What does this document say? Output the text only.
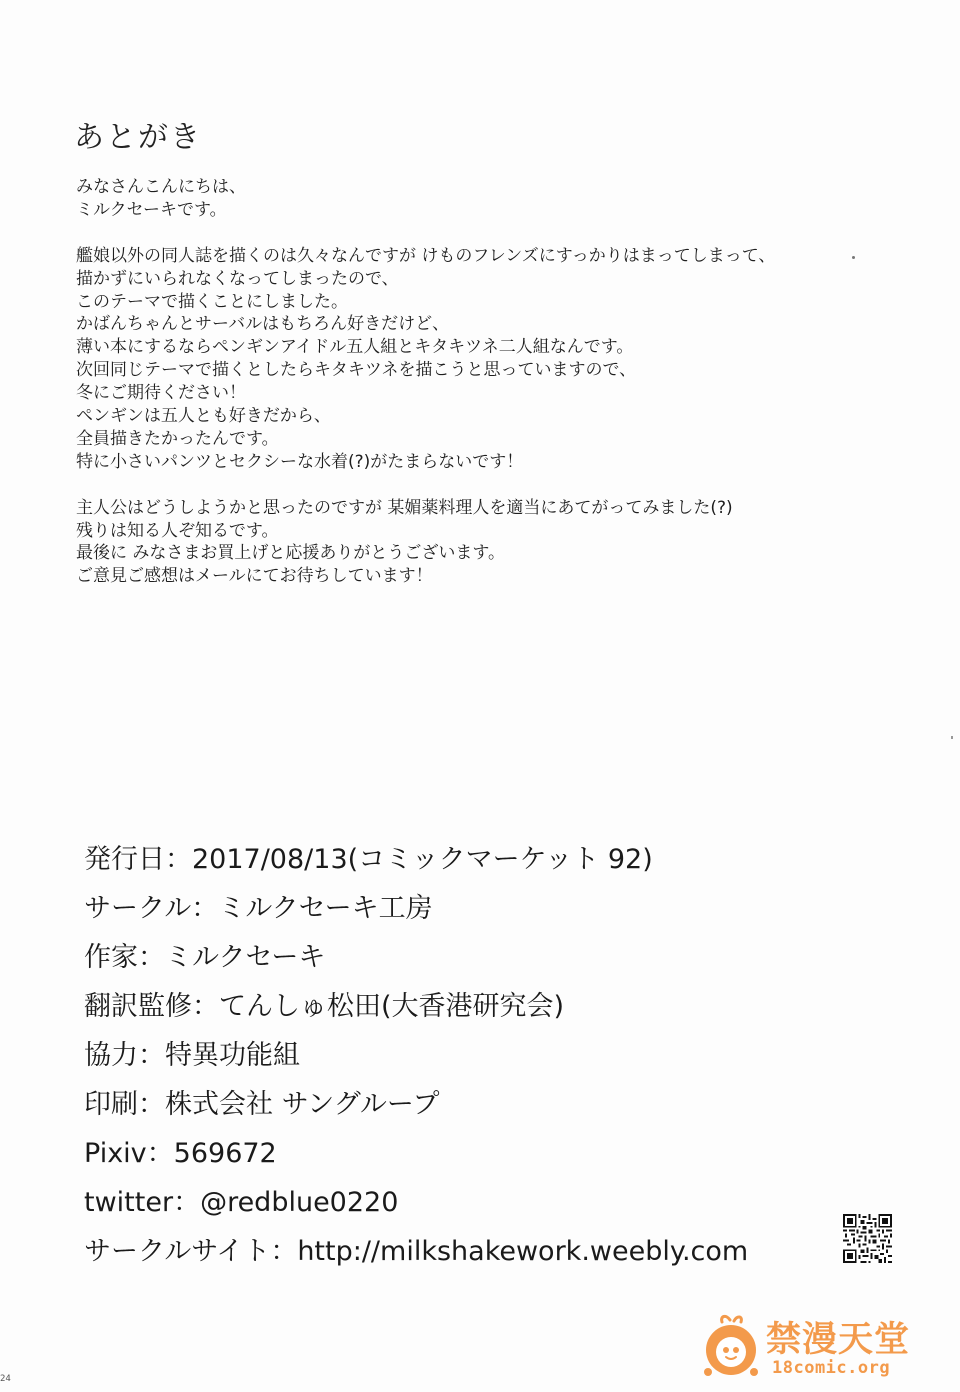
あとがき
みなさんこんにちは、
ミルクセーキです。
艦娘以外の同人誌を描くのは久々なんですが けものフレンズにすっかりはまってしまって、
描かずにいられなくなってしまったので、
このテーマで描くことにしました。
かばんちゃんとサーバルはもちろん好きだけど、
薄い本にするならペンギンアイドル五人組とキタキツネ二人組なんです。
次回同じテーマで描くとしたらキタキツネを描こうと思っていますので、
冬にご期待ください！
ペンギンは五人とも好きだから、
全員描きたかったんです。
特に小さいパンツとセクシーな水着(?)がたまらないです！
主人公はどうしようかと思ったのですが 某媚薬料理人を適当にあてがってみました(?)
残りは知る人ぞ知るです。
最後に みなさまお買上げと応援ありがとうございます。
ご意見ご感想はメールにてお待ちしています！
発行日：2017/08/13(コミックマーケット 92)
サークル：ミルクセーキ工房
作家：ミルクセーキ
翻訳監修：てんしゅ松田(大香港研究会)
協力：特異功能組
印刷：株式会社 サングループ
Pixiv：569672
twitter：@redblue0220
サークルサイト：http://milkshakework.weebly.com
24
禁漫天堂
18comic.org
